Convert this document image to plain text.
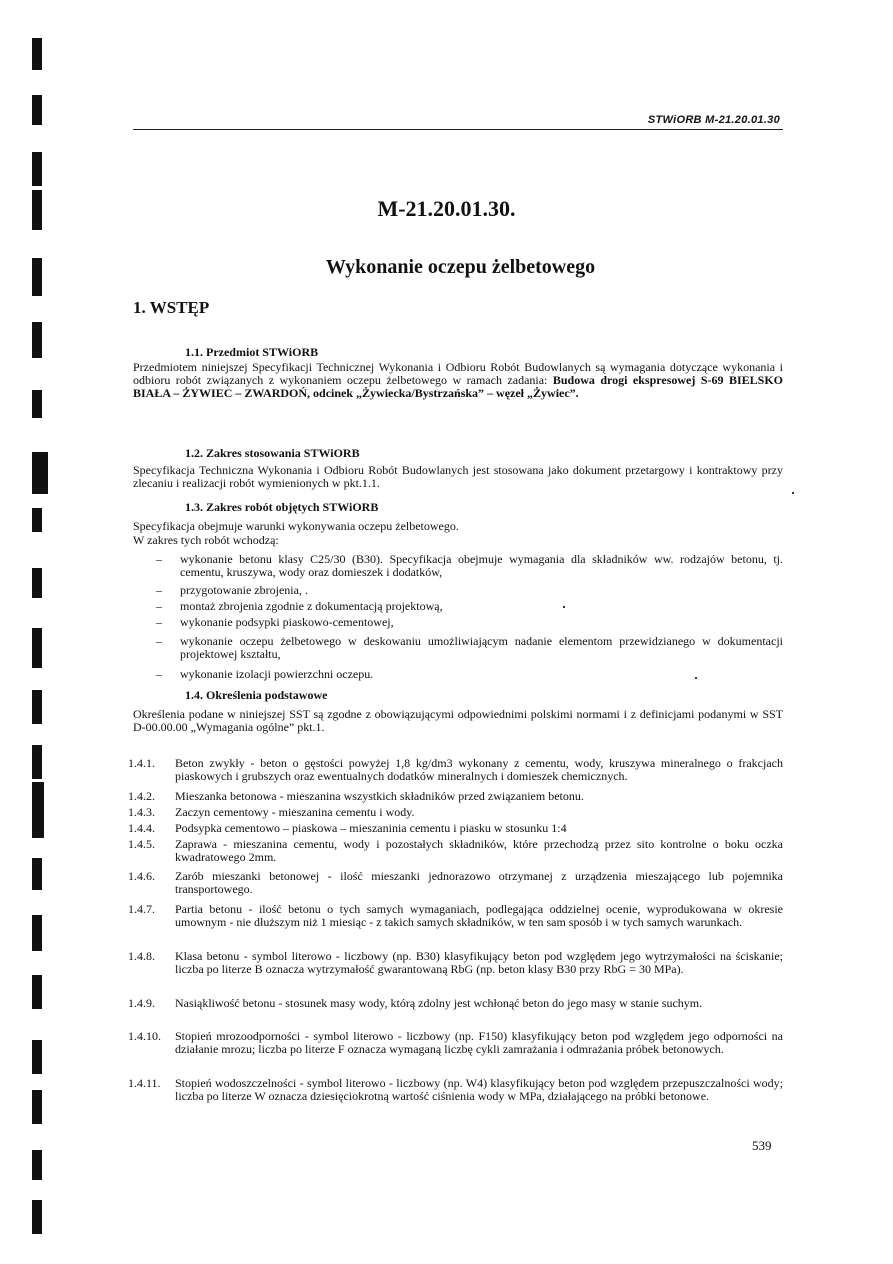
STWiORB M-21.20.01.30
M-21.20.01.30.
Wykonanie oczepu żelbetowego
1. WSTĘP
1.1. Przedmiot STWiORB
Przedmiotem niniejszej Specyfikacji Technicznej Wykonania i Odbioru Robót Budowlanych są wymagania dotyczące wykonania i odbioru robót związanych z wykonaniem oczepu żelbetowego w ramach zadania: Budowa drogi ekspresowej S-69 BIELSKO BIAŁA – ŻYWIEC – ZWARDOŃ, odcinek „Żywiecka/Bystrzańska” – węzeł „Żywiec”.
1.2. Zakres stosowania STWiORB
Specyfikacja Techniczna Wykonania i Odbioru Robót Budowlanych jest stosowana jako dokument przetargowy i kontraktowy przy zlecaniu i realizacji robót wymienionych w pkt.1.1.
1.3. Zakres robót objętych STWiORB
Specyfikacja obejmuje warunki wykonywania oczepu żelbetowego.
W zakres tych robót wchodzą:
– wykonanie betonu klasy C25/30 (B30). Specyfikacja obejmuje wymagania dla składników ww. rodzajów betonu, tj. cementu, kruszywa, wody oraz domieszek i dodatków,
– przygotowanie zbrojenia, .
– montaż zbrojenia zgodnie z dokumentacją projektową,
– wykonanie podsypki piaskowo-cementowej,
– wykonanie oczepu żelbetowego w deskowaniu umożliwiającym nadanie elementom przewidzianego w dokumentacji projektowej kształtu,
– wykonanie izolacji powierzchni oczepu.
1.4. Określenia podstawowe
Określenia podane w niniejszej SST są zgodne z obowiązującymi odpowiednimi polskimi normami i z definicjami podanymi w SST D-00.00.00 „Wymagania ogólne” pkt.1.
1.4.1. Beton zwykły - beton o gęstości powyżej 1,8 kg/dm3 wykonany z cementu, wody, kruszywa mineralnego o frakcjach piaskowych i grubszych oraz ewentualnych dodatków mineralnych i domieszek chemicznych.
1.4.2. Mieszanka betonowa - mieszanina wszystkich składników przed związaniem betonu.
1.4.3. Zaczyn cementowy - mieszanina cementu i wody.
1.4.4. Podsypka cementowo – piaskowa – mieszaninia cementu i piasku w stosunku 1:4
1.4.5. Zaprawa - mieszanina cementu, wody i pozostałych składników, które przechodzą przez sito kontrolne o boku oczka kwadratowego 2mm.
1.4.6. Zarób mieszanki betonowej - ilość mieszanki jednorazowo otrzymanej z urządzenia mieszającego lub pojemnika transportowego.
1.4.7. Partia betonu - ilość betonu o tych samych wymaganiach, podlegająca oddzielnej ocenie, wyprodukowana w okresie umownym - nie dłuższym niż 1 miesiąc - z takich samych składników, w ten sam sposób i w tych samych warunkach.
1.4.8. Klasa betonu - symbol literowo - liczbowy (np. B30) klasyfikujący beton pod względem jego wytrzymałości na ściskanie; liczba po literze B oznacza wytrzymałość gwarantowaną RbG (np. beton klasy B30 przy RbG = 30 MPa).
1.4.9. Nasiąkliwość betonu - stosunek masy wody, którą zdolny jest wchłonąć beton do jego masy w stanie suchym.
1.4.10. Stopień mrozoodporności - symbol literowo - liczbowy (np. F150) klasyfikujący beton pod względem jego odporności na działanie mrozu; liczba po literze F oznacza wymaganą liczbę cykli zamrażania i odmrażania próbek betonowych.
1.4.11. Stopień wodoszczelności - symbol literowo - liczbowy (np. W4) klasyfikujący beton pod względem przepuszczalności wody; liczba po literze W oznacza dziesięciokrotną wartość ciśnienia wody w MPa, działającego na próbki betonowe.
539
